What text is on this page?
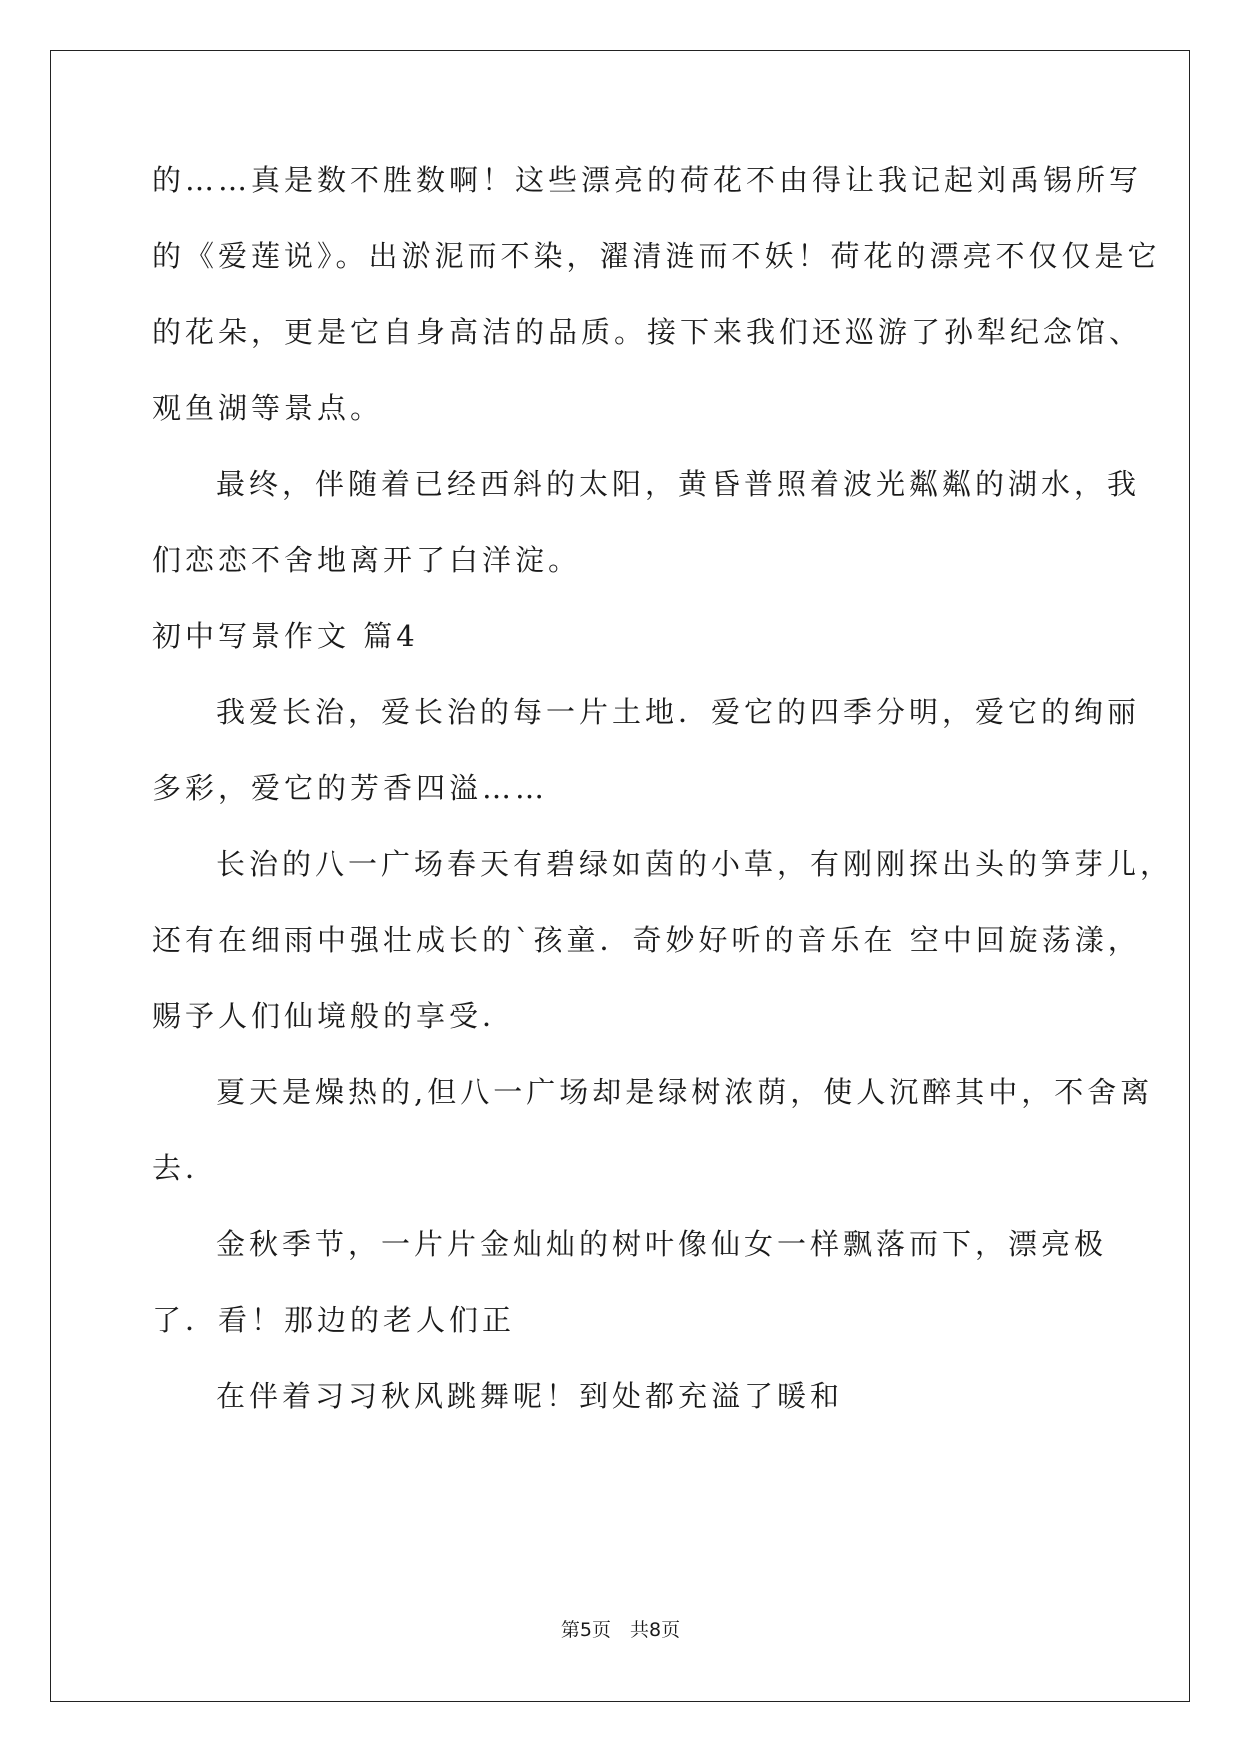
的……真是数不胜数啊！这些漂亮的荷花不由得让我记起刘禹锡所写
的《爱莲说》。出淤泥而不染，濯清涟而不妖！荷花的漂亮不仅仅是它
的花朵，更是它自身高洁的品质。接下来我们还巡游了孙犁纪念馆、
观鱼湖等景点。
最终，伴随着已经西斜的太阳，黄昏普照着波光粼粼的湖水，我
们恋恋不舍地离开了白洋淀。
初中写景作文 篇4
我爱长治，爱长治的每一片土地．爱它的四季分明，爱它的绚丽
多彩，爱它的芳香四溢……
长治的八一广场春天有碧绿如茵的小草，有刚刚探出头的笋芽儿，
还有在细雨中强壮成长的`孩童．奇妙好听的音乐在 空中回旋荡漾，
赐予人们仙境般的享受．
夏天是燥热的,但八一广场却是绿树浓荫，使人沉醉其中，不舍离
去．
金秋季节，一片片金灿灿的树叶像仙女一样飘落而下，漂亮极
了．看！那边的老人们正
在伴着习习秋风跳舞呢！到处都充溢了暖和
第5页　共8页
